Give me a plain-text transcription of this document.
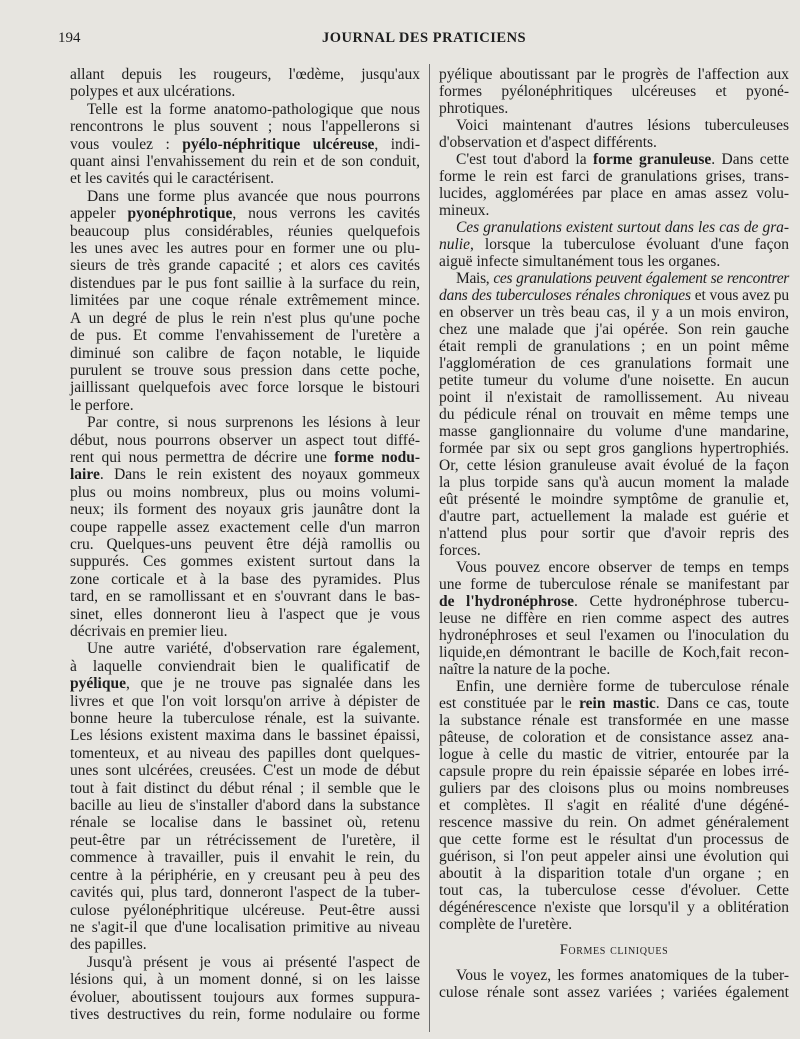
194	JOURNAL DES PRATICIENS
allant depuis les rougeurs, l'œdème, jusqu'aux
polypes et aux ulcérations.
Telle est la forme anatomo-pathologique que nous
rencontrons le plus souvent ; nous l'appellerons si
vous voulez : pyélo-néphritique ulcéreuse, indi-
quant ainsi l'envahissement du rein et de son conduit,
et les cavités qui le caractérisent.
Dans une forme plus avancée que nous pourrons
appeler pyonéphrotique, nous verrons les cavités
beaucoup plus considérables, réunies quelquefois
les unes avec les autres pour en former une ou plu-
sieurs de très grande capacité ; et alors ces cavités
distendues par le pus font saillie à la surface du rein,
limitées par une coque rénale extrêmement mince.
A un degré de plus le rein n'est plus qu'une poche
de pus. Et comme l'envahissement de l'uretère a
diminué son calibre de façon notable, le liquide
purulent se trouve sous pression dans cette poche,
jaillissant quelquefois avec force lorsque le bistouri
le perfore.
Par contre, si nous surprenons les lésions à leur
début, nous pourrons observer un aspect tout diffé-
rent qui nous permettra de décrire une forme nodu-
laire. Dans le rein existent des noyaux gommeux
plus ou moins nombreux, plus ou moins volumi-
neux; ils forment des noyaux gris jaunâtre dont la
coupe rappelle assez exactement celle d'un marron
cru. Quelques-uns peuvent être déjà ramollis ou
suppurés. Ces gommes existent surtout dans la
zone corticale et à la base des pyramides. Plus
tard, en se ramollissant et en s'ouvrant dans le bas-
sinet, elles donneront lieu à l'aspect que je vous
décrivais en premier lieu.
Une autre variété, d'observation rare également,
à laquelle conviendrait bien le qualificatif de
pyélique, que je ne trouve pas signalée dans les
livres et que l'on voit lorsqu'on arrive à dépister de
bonne heure la tuberculose rénale, est la suivante.
Les lésions existent maxima dans le bassinet épaissi,
tomenteux, et au niveau des papilles dont quelques-
unes sont ulcérées, creusées. C'est un mode de début
tout à fait distinct du début rénal ; il semble que le
bacille au lieu de s'installer d'abord dans la substance
rénale se localise dans le bassinet où, retenu
peut-être par un rétrécissement de l'uretère, il
commence à travailler, puis il envahit le rein, du
centre à la périphérie, en y creusant peu à peu des
cavités qui, plus tard, donneront l'aspect de la tuber-
culose pyélonéphritique ulcéreuse. Peut-être aussi
ne s'agit-il que d'une localisation primitive au niveau
des papilles.
Jusqu'à présent je vous ai présenté l'aspect de
lésions qui, à un moment donné, si on les laisse
évoluer, aboutissent toujours aux formes suppura-
tives destructives du rein, forme nodulaire ou forme
pyélique aboutissant par le progrès de l'affection aux
formes pyélonéphritiques ulcéreuses et pyoné-
phrotiques.
Voici maintenant d'autres lésions tuberculeuses
d'observation et d'aspect différents.
C'est tout d'abord la forme granuleuse. Dans cette
forme le rein est farci de granulations grises, trans-
lucides, agglomérées par place en amas assez volu-
mineux.
Ces granulations existent surtout dans les cas de gra-
nulie, lorsque la tuberculose évoluant d'une façon
aiguë infecte simultanément tous les organes.
Mais, ces granulations peuvent également se rencontrer
dans des tuberculoses rénales chroniques et vous avez pu
en observer un très beau cas, il y a un mois environ,
chez une malade que j'ai opérée. Son rein gauche
était rempli de granulations ; en un point même
l'agglomération de ces granulations formait une
petite tumeur du volume d'une noisette. En aucun
point il n'existait de ramollissement. Au niveau
du pédicule rénal on trouvait en même temps une
masse ganglionnaire du volume d'une mandarine,
formée par six ou sept gros ganglions hypertrophiés.
Or, cette lésion granuleuse avait évolué de la façon
la plus torpide sans qu'à aucun moment la malade
eût présenté le moindre symptôme de granulie et,
d'autre part, actuellement la malade est guérie et
n'attend plus pour sortir que d'avoir repris des
forces.
Vous pouvez encore observer de temps en temps
une forme de tuberculose rénale se manifestant par
de l'hydronéphrose. Cette hydronéphrose tubercu-
leuse ne diffère en rien comme aspect des autres
hydronéphroses et seul l'examen ou l'inoculation du
liquide,en démontrant le bacille de Koch,fait recon-
naître la nature de la poche.
Enfin, une dernière forme de tuberculose rénale
est constituée par le rein mastic. Dans ce cas, toute
la substance rénale est transformée en une masse
pâteuse, de coloration et de consistance assez ana-
logue à celle du mastic de vitrier, entourée par la
capsule propre du rein épaissie séparée en lobes irré-
guliers par des cloisons plus ou moins nombreuses
et complètes. Il s'agit en réalité d'une dégéné-
rescence massive du rein. On admet généralement
que cette forme est le résultat d'un processus de
guérison, si l'on peut appeler ainsi une évolution qui
aboutit à la disparition totale d'un organe ; en
tout cas, la tuberculose cesse d'évoluer. Cette
dégénérescence n'existe que lorsqu'il y a oblitération
complète de l'uretère.
Formes cliniques
Vous le voyez, les formes anatomiques de la tuber-
culose rénale sont assez variées ; variées également
